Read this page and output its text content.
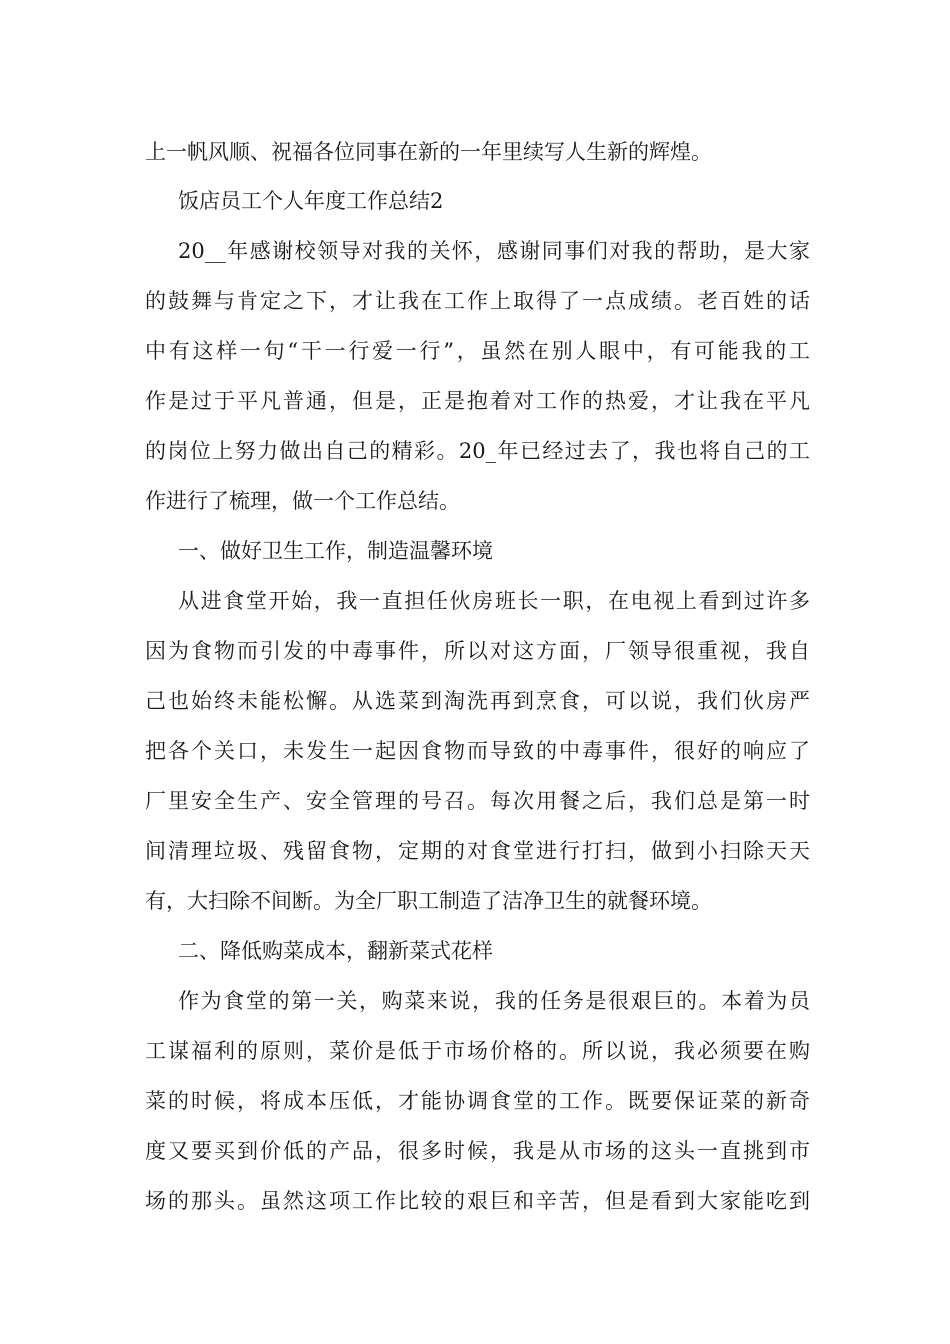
上一帆风顺、祝福各位同事在新的一年里续写人生新的辉煌。
饭店员工个人年度工作总结2
20__年感谢校领导对我的关怀，感谢同事们对我的帮助，是大家
的鼓舞与肯定之下，才让我在工作上取得了一点成绩。老百姓的话
中有这样一句“干一行爱一行”，虽然在别人眼中，有可能我的工
作是过于平凡普通，但是，正是抱着对工作的热爱，才让我在平凡
的岗位上努力做出自己的精彩。20_年已经过去了，我也将自己的工
作进行了梳理，做一个工作总结。
一、做好卫生工作，制造温馨环境
从进食堂开始，我一直担任伙房班长一职，在电视上看到过许多
因为食物而引发的中毒事件，所以对这方面，厂领导很重视，我自
己也始终未能松懈。从选菜到淘洗再到烹食，可以说，我们伙房严
把各个关口，未发生一起因食物而导致的中毒事件，很好的响应了
厂里安全生产、安全管理的号召。每次用餐之后，我们总是第一时
间清理垃圾、残留食物，定期的对食堂进行打扫，做到小扫除天天
有，大扫除不间断。为全厂职工制造了洁净卫生的就餐环境。
二、降低购菜成本，翻新菜式花样
作为食堂的第一关，购菜来说，我的任务是很艰巨的。本着为员
工谋福利的原则，菜价是低于市场价格的。所以说，我必须要在购
菜的时候，将成本压低，才能协调食堂的工作。既要保证菜的新奇
度又要买到价低的产品，很多时候，我是从市场的这头一直挑到市
场的那头。虽然这项工作比较的艰巨和辛苦，但是看到大家能吃到
